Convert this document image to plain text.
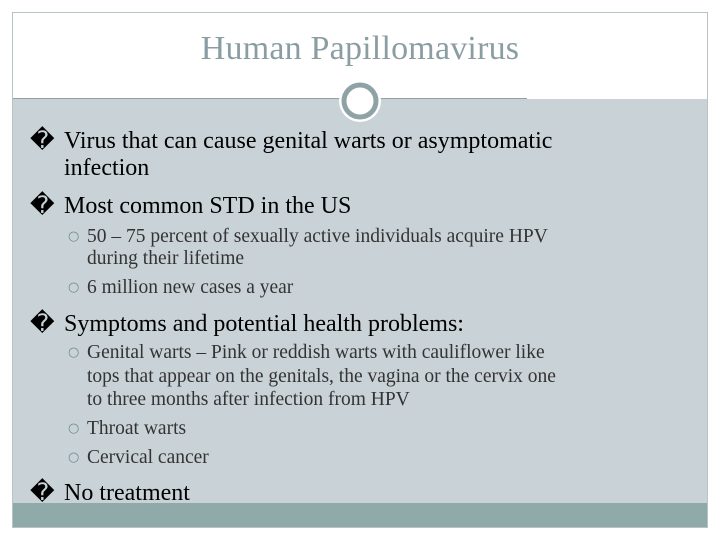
Human Papillomavirus

� Virus that can cause genital warts or asymptomatic

infection

� Most common STD in the US

○ 50 – 75 percent of sexually active individuals acquire HPV

during their lifetime

○ 6 million new cases a year

� Symptoms and potential health problems:

○ Genital warts – Pink or reddish warts with cauliflower like

tops that appear on the genitals, the vagina or the cervix one

to three months after infection from HPV

○ Throat warts

○ Cervical cancer

� No treatment
